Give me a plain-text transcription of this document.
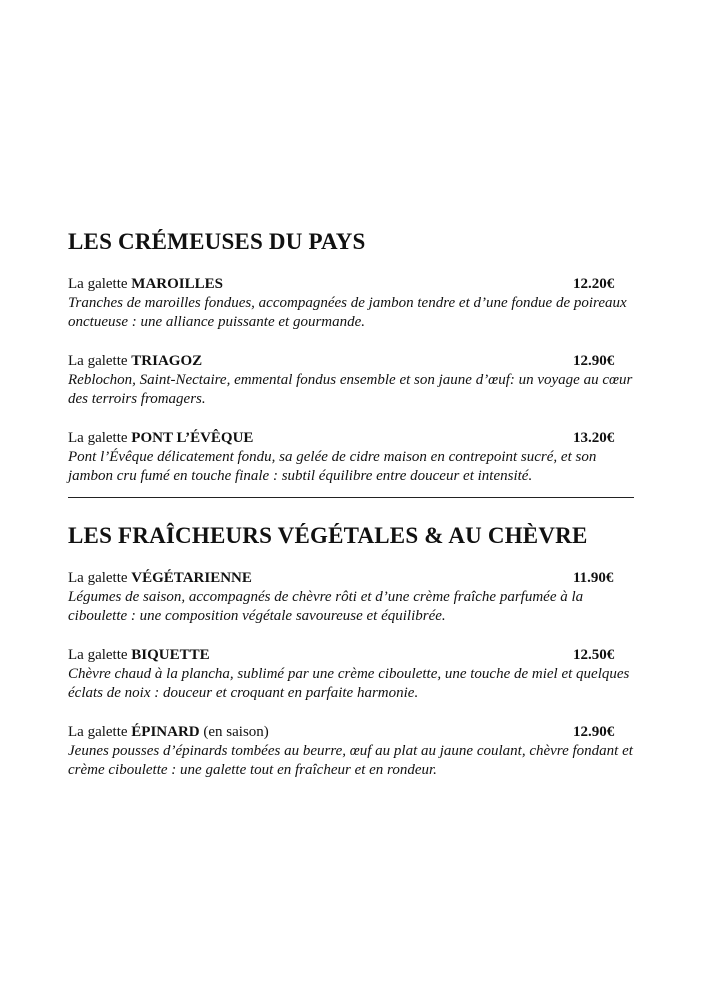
LES CRÉMEUSES DU PAYS
La galette MAROILLES	12.20€

Tranches de maroilles fondues, accompagnées de jambon tendre et d’une fondue de poireaux onctueuse : une alliance puissante et gourmande.

La galette TRIAGOZ	12.90€

Reblochon, Saint-Nectaire, emmental fondus ensemble et son jaune d’œuf: un voyage au cœur des terroirs fromagers.

La galette PONT L’ÉVÊQUE	13.20€

Pont l’Évêque délicatement fondu, sa gelée de cidre maison en contrepoint sucré, et son jambon cru fumé en touche finale : subtil équilibre entre douceur et intensité.

LES FRAÎCHEURS VÉGÉTALES & AU CHÈVRE
La galette VÉGÉTARIENNE	11.90€

Légumes de saison, accompagnés de chèvre rôti et d’une crème fraîche parfumée à la ciboulette : une composition végétale savoureuse et équilibrée.

La galette BIQUETTE	12.50€

Chèvre chaud à la plancha, sublimé par une crème ciboulette, une touche de miel et quelques éclats de noix : douceur et croquant en parfaite harmonie.

La galette ÉPINARD (en saison)	12.90€

Jeunes pousses d’épinards tombées au beurre, œuf au plat au jaune coulant, chèvre fondant et crème ciboulette : une galette tout en fraîcheur et en rondeur.
